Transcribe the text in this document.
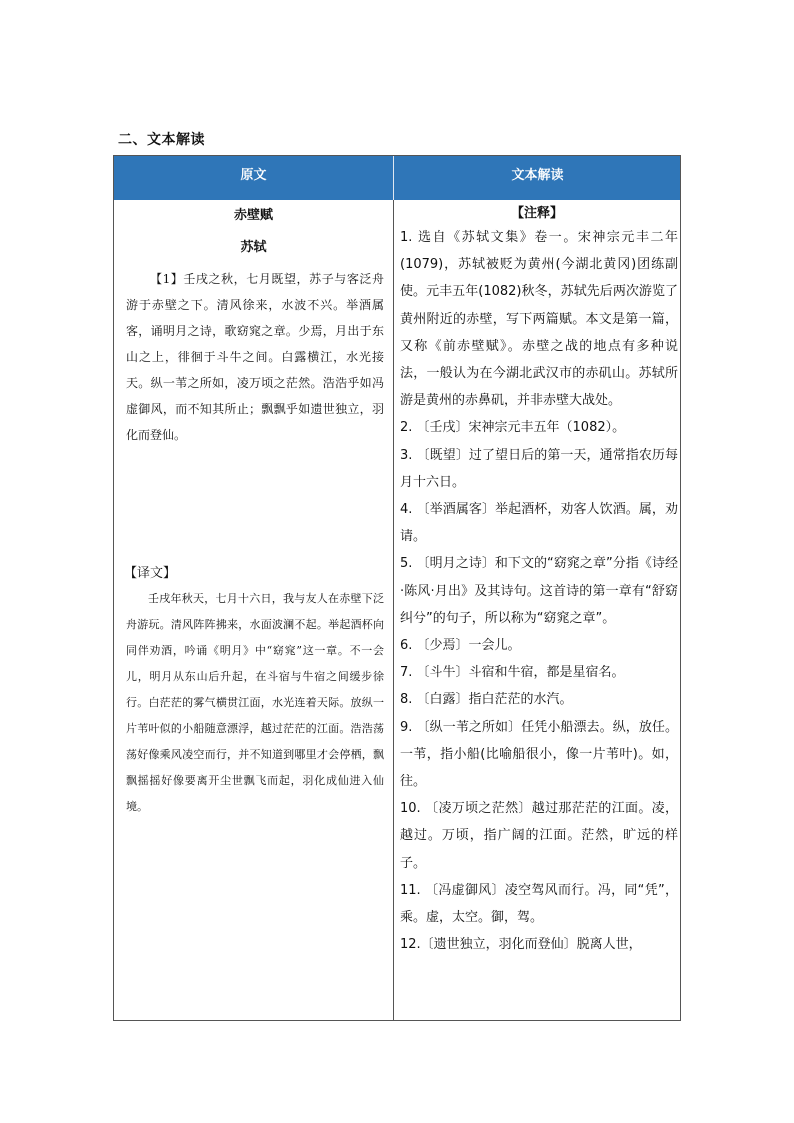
二、文本解读
原文	文本解读
赤壁赋
苏轼
【1】壬戌之秋，七月既望，苏子与客泛舟游于赤壁之下。清风徐来，水波不兴。举酒属客，诵明月之诗，歌窈窕之章。少焉，月出于东山之上，徘徊于斗牛之间。白露横江，水光接天。纵一苇之所如，凌万顷之茫然。浩浩乎如冯虚御风，而不知其所止；飘飘乎如遗世独立，羽化而登仙。
【译文】
壬戌年秋天，七月十六日，我与友人在赤壁下泛舟游玩。清风阵阵拂来，水面波澜不起。举起酒杯向同伴劝酒，吟诵《明月》中“窈窕”这一章。不一会儿，明月从东山后升起，在斗宿与牛宿之间缓步徐行。白茫茫的雾气横贯江面，水光连着天际。放纵一片苇叶似的小船随意漂浮，越过茫茫的江面。浩浩荡荡好像乘风凌空而行，并不知道到哪里才会停栖，飘飘摇摇好像要离开尘世飘飞而起，羽化成仙进入仙境。
【注释】
1. 选自《苏轼文集》卷一。宋神宗元丰二年(1079)，苏轼被贬为黄州(今湖北黄冈)团练副使。元丰五年(1082)秋冬，苏轼先后两次游览了黄州附近的赤壁，写下两篇赋。本文是第一篇，又称《前赤壁赋》。赤壁之战的地点有多种说法，一般认为在今湖北武汉市的赤矶山。苏轼所游是黄州的赤鼻矶，并非赤壁大战处。
2. 〔壬戌〕宋神宗元丰五年（1082）。
3. 〔既望〕过了望日后的第一天，通常指农历每月十六日。
4. 〔举酒属客〕举起酒杯，劝客人饮酒。属，劝请。
5. 〔明月之诗〕和下文的“窈窕之章”分指《诗经·陈风·月出》及其诗句。这首诗的第一章有“舒窈纠兮”的句子，所以称为“窈窕之章”。
6. 〔少焉〕一会儿。
7. 〔斗牛〕斗宿和牛宿，都是星宿名。
8. 〔白露〕指白茫茫的水汽。
9. 〔纵一苇之所如〕任凭小船漂去。纵，放任。一苇，指小船(比喻船很小，像一片苇叶)。如，往。
10. 〔凌万顷之茫然〕越过那茫茫的江面。凌，越过。万顷，指广阔的江面。茫然，旷远的样子。
11. 〔冯虚御风〕凌空驾风而行。冯，同“凭”，乘。虚，太空。御，驾。
12.〔遗世独立，羽化而登仙〕脱离人世，
